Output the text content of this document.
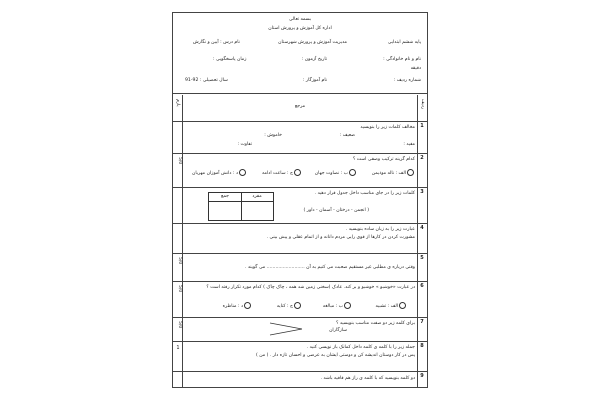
بسمه تعالی
اداره کل آموزش و پرورش استان
پایه ششم ابتدایی
مدیریت آموزش و پرورش شهرستان
نام درس : آیین و نگارش
نام و نام خانوادگی :
تاریخ آزمون :
زمان پاسخگویی :
دقیقه
شماره ردیف :
نام آموزگار :
سال تحصیلی : 92-91
ردیف
بارم	مرجع
1
مخالف کلمات زیر را بنویسید
ضعیف :
خاموش :
مفید :
تفاوت :
2
5/0	کدام گزینه ترکیب وصفی است ؟
الف : ناله موذیمن
ب : نصاوت جهان
ج : ساعت ادامه
د : دانش آموزان مهربان
3
کلمات زیر را در جای مناسب داخل جدول قرار دهید .
جمع	مفرد
( انجمن - درختان - آسمان - داور )
4
عبارت زیر را به زبان ساده بنویسید .
مشورت کردن در کارها از قوی رایی مردم دانانه و از اتمام عقلی و پیش بینی .
5
5/0
وقتی درباره ی مطلبی غیر مستقیم صحبت می کنیم به آن .......................... می گویند .
6
5/0	در عبارت «خوشبو » خوشبو و بر کند. عادک (سخنی زمین شد همه ، چاک چاک ) کدام مورد تکرار رفته است ؟
الف : تشبیه
ب : مبالغه
ج : کنایه
د : مناظره
7
5/0	برای کلمه زیر دو صفت مناسب بنویسید ؟
سازگاران
8
1	جمله زیر را با کلمه ی کلمه داخل کمانک باز نویسی کنید .
پس در کار دوستان اندیشه کن و دوستی ایشان به عرضی و احسان تازه دار . ( من )
9
دو کلمه بنویسید که با کلمه ی راز هم قافیه باشد .
